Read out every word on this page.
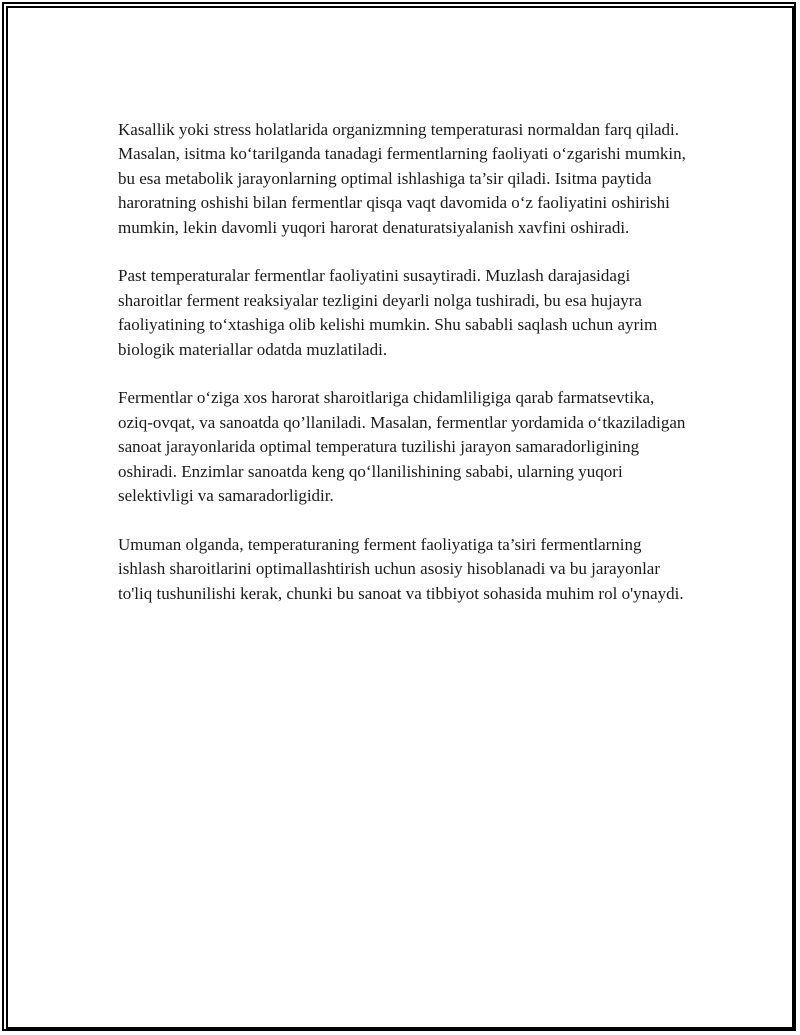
Kasallik yoki stress holatlarida organizmning temperaturasi normaldan farq qiladi. Masalan, isitma ko‘tarilganda tanadagi fermentlarning faoliyati o‘zgarishi mumkin, bu esa metabolik jarayonlarning optimal ishlashiga ta’sir qiladi. Isitma paytida haroratning oshishi bilan fermentlar qisqa vaqt davomida o‘z faoliyatini oshirishi mumkin, lekin davomli yuqori harorat denaturatsiyalanish xavfini oshiradi.

Past temperaturalar fermentlar faoliyatini susaytiradi. Muzlash darajasidagi sharoitlar ferment reaksiyalar tezligini deyarli nolga tushiradi, bu esa hujayra faoliyatining to‘xtashiga olib kelishi mumkin. Shu sababli saqlash uchun ayrim biologik materiallar odatda muzlatiladi.

Fermentlar o‘ziga xos harorat sharoitlariga chidamliligiga qarab farmatsevtika, oziq-ovqat, va sanoatda qo’llaniladi. Masalan, fermentlar yordamida o‘tkaziladigan sanoat jarayonlarida optimal temperatura tuzilishi jarayon samaradorligining oshiradi. Enzimlar sanoatda keng qo‘llanilishining sababi, ularning yuqori selektivligi va samaradorligidir.

Umuman olganda, temperaturaning ferment faoliyatiga ta’siri fermentlarning ishlash sharoitlarini optimallashtirish uchun asosiy hisoblanadi va bu jarayonlar to'liq tushunilishi kerak, chunki bu sanoat va tibbiyot sohasida muhim rol o'ynaydi.
